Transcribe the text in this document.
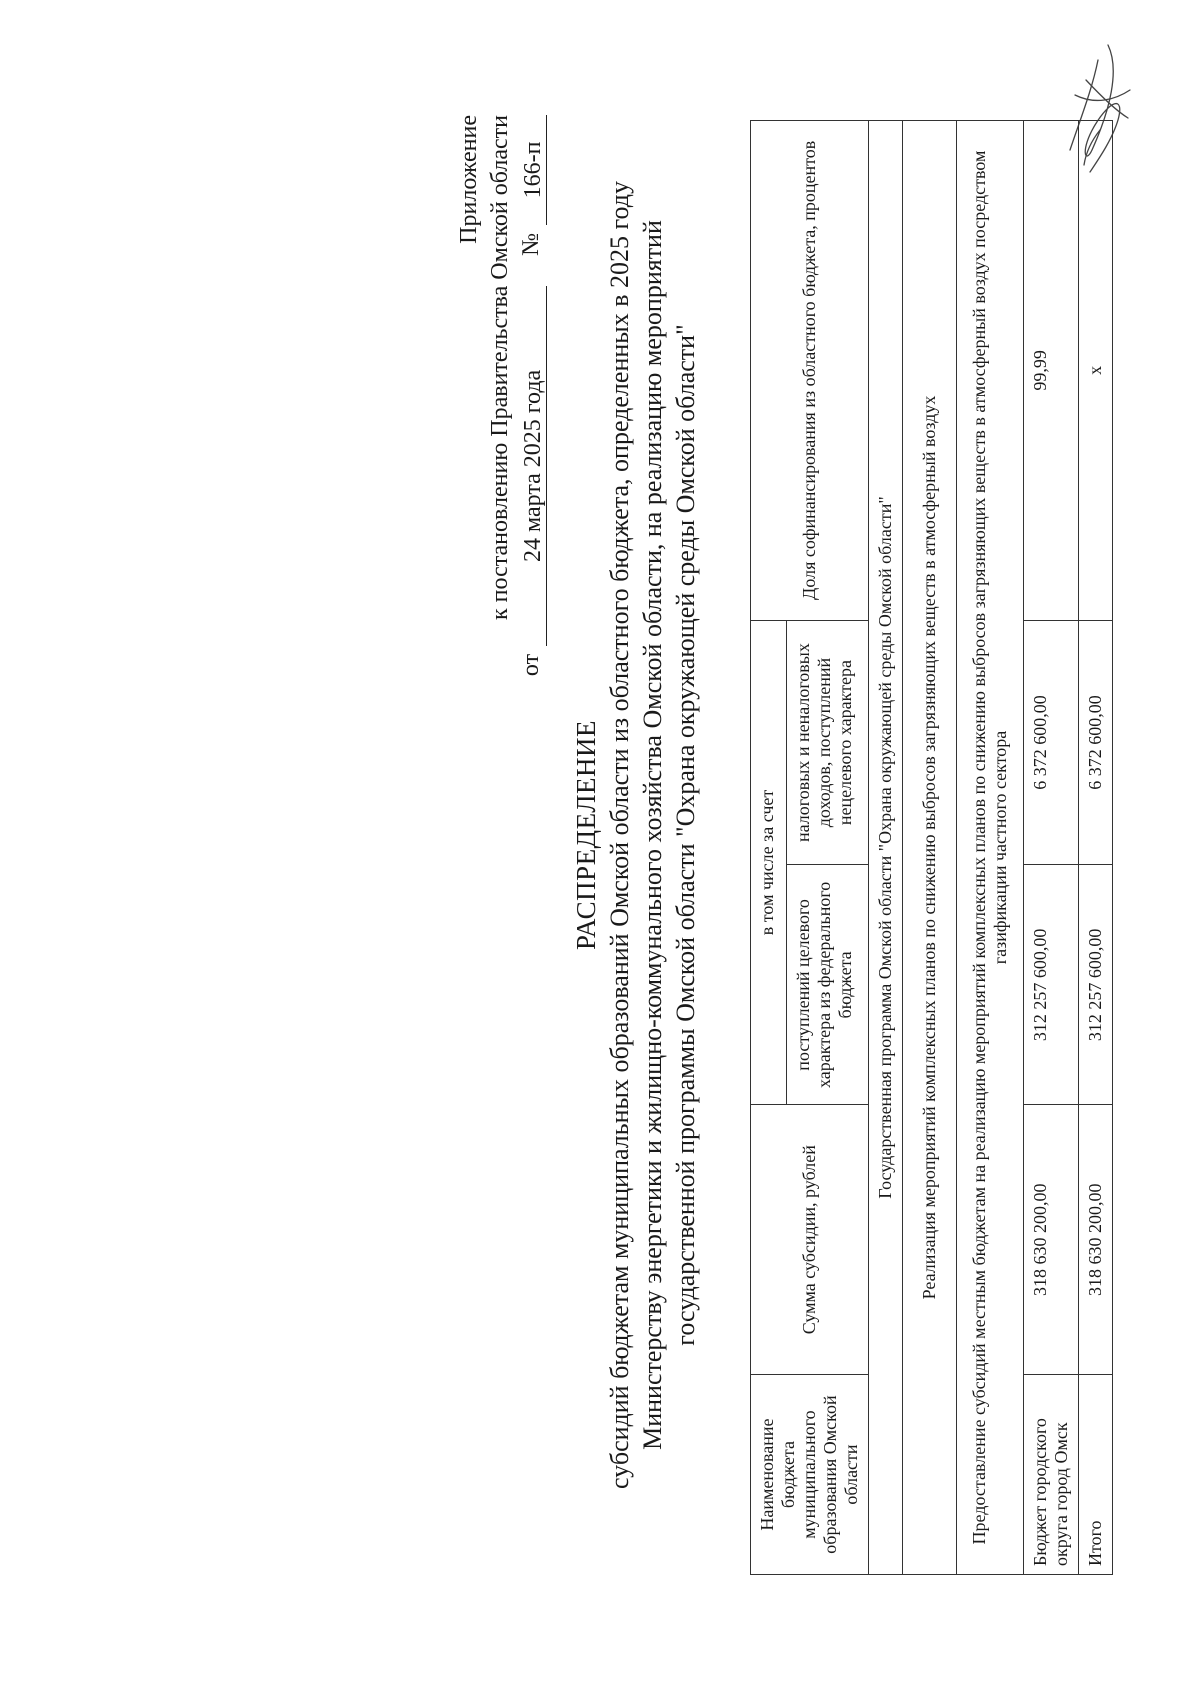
Приложение к постановлению Правительства Омской области
от
24 марта 2025 года
№
166-п
РАСПРЕДЕЛЕНИЕ субсидий бюджетам муниципальных образований Омской области из областного бюджета, определенных в 2025 году Министерству энергетики и жилищно-коммунального хозяйства Омской области, на реализацию мероприятий государственной программы Омской области "Охрана окружающей среды Омской области"
Наименование бюджета муниципального образования Омской области	Сумма субсидии, рублей	в том числе за счет		Доля софинансирования из областного бюджета, процентов
		поступлений целевого характера из федерального бюджета	налоговых и неналоговых доходов, поступлений нецелевого характера	
Государственная программа Омской области "Охрана окружающей среды Омской области"				
Реализация мероприятий комплексных планов по снижению выбросов загрязняющих веществ в атмосферный воздух				
Предоставление субсидий местным бюджетам на реализацию мероприятий комплексных планов по снижению выбросов загрязняющих веществ в атмосферный воздух посредством газификации частного сектора				
Бюджет городского округа город Омск	318 630 200,00	312 257 600,00	6 372 600,00	99,99
Итого	318 630 200,00	312 257 600,00	6 372 600,00	x
